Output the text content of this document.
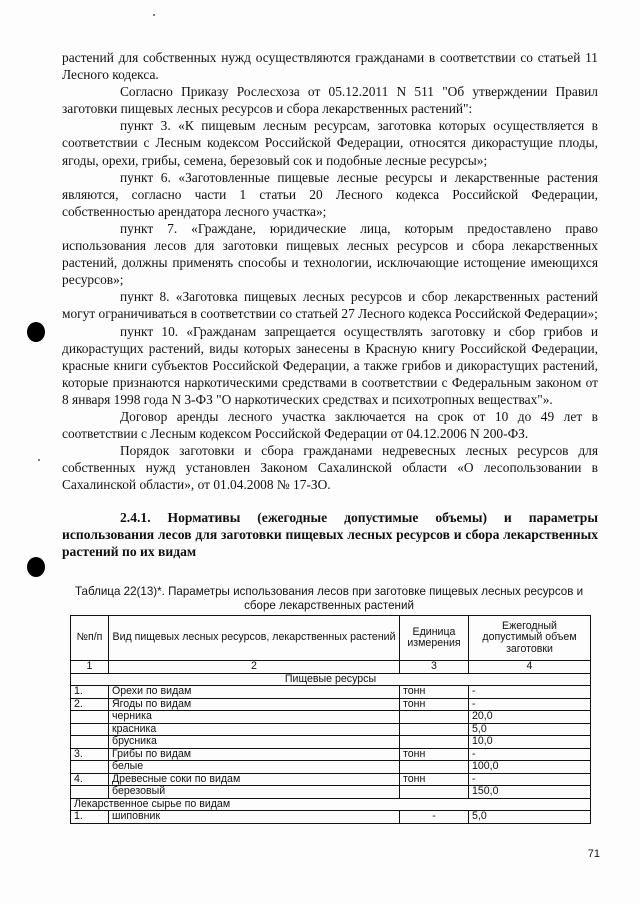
растений для собственных нужд осуществляются гражданами в соответствии со статьей 11 Лесного кодекса.

Согласно Приказу Рослесхоза от 05.12.2011 N 511 "Об утверждении Правил заготовки пищевых лесных ресурсов и сбора лекарственных растений":

пункт 3. «К пищевым лесным ресурсам, заготовка которых осуществляется в соответствии с Лесным кодексом Российской Федерации, относятся дикорастущие плоды, ягоды, орехи, грибы, семена, березовый сок и подобные лесные ресурсы»;

пункт 6. «Заготовленные пищевые лесные ресурсы и лекарственные растения являются, согласно части 1 статьи 20 Лесного кодекса Российской Федерации, собственностью арендатора лесного участка»;

пункт 7. «Граждане, юридические лица, которым предоставлено право использования лесов для заготовки пищевых лесных ресурсов и сбора лекарственных растений, должны применять способы и технологии, исключающие истощение имеющихся ресурсов»;

пункт 8. «Заготовка пищевых лесных ресурсов и сбор лекарственных растений могут ограничиваться в соответствии со статьей 27 Лесного кодекса Российской Федерации»;

пункт 10. «Гражданам запрещается осуществлять заготовку и сбор грибов и дикорастущих растений, виды которых занесены в Красную книгу Российской Федерации, красные книги субъектов Российской Федерации, а также грибов и дикорастущих растений, которые признаются наркотическими средствами в соответствии с Федеральным законом от 8 января 1998 года N 3-ФЗ "О наркотических средствах и психотропных веществах"».

Договор аренды лесного участка заключается на срок от 10 до 49 лет в соответствии с Лесным кодексом Российской Федерации от 04.12.2006 N 200-ФЗ.

Порядок заготовки и сбора гражданами недревесных лесных ресурсов для собственных нужд установлен Законом Сахалинской области «О лесопользовании в Сахалинской области», от 01.04.2008 № 17-ЗО.

2.4.1. Нормативы (ежегодные допустимые объемы) и параметры использования лесов для заготовки пищевых лесных ресурсов и сбора лекарственных растений по их видам

Таблица 22(13)*. Параметры использования лесов при заготовке пищевых лесных ресурсов и сборе лекарственных растений
№п/п	Вид пищевых лесных ресурсов, лекарственных растений	Единица измерения	Ежегодный допустимый объем заготовки
1	2	3	4
Пищевые ресурсы			
1.	Орехи по видам	тонн	-
2.	Ягоды по видам	тонн	-
	черника		20,0
	красника		5,0
	брусника		10,0
3.	Грибы по видам	тонн	-
	белые		100,0
4.	Древесные соки по видам	тонн	-
	березовый		150,0
Лекарственное сырье по видам			
1.	шиповник	-	5,0
71
